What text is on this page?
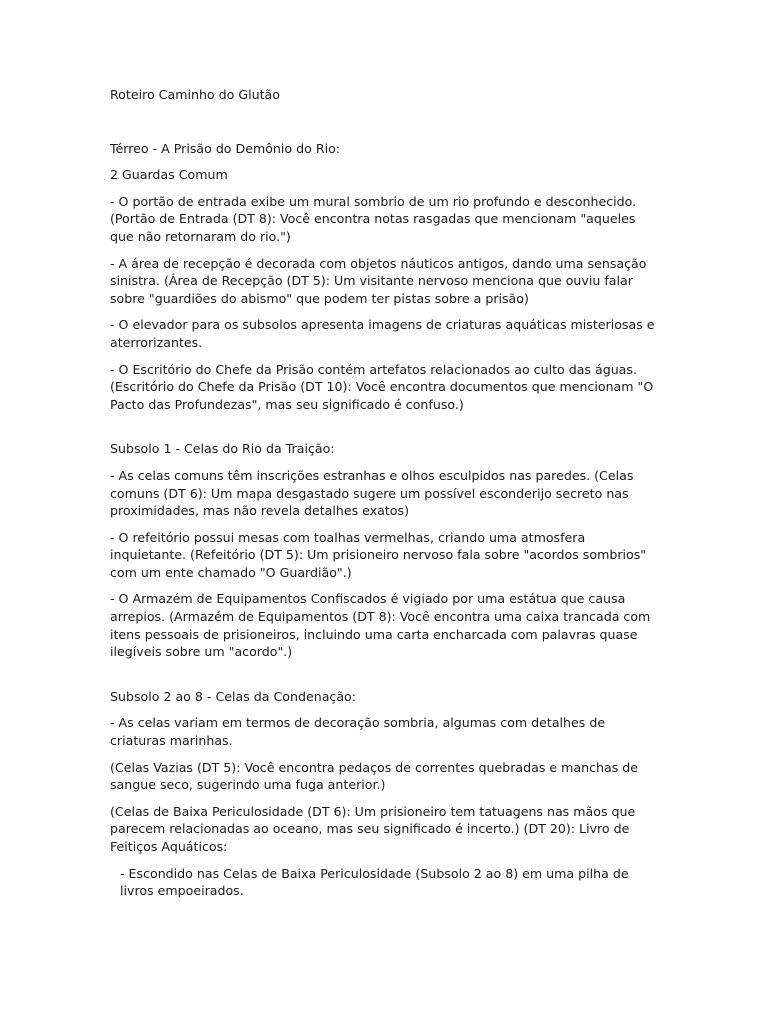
Roteiro Caminho do Glutão

Térreo - A Prisão do Demônio do Rio:

2 Guardas Comum

- O portão de entrada exibe um mural sombrio de um rio profundo e desconhecido. (Portão de Entrada (DT 8): Você encontra notas rasgadas que mencionam "aqueles que não retornaram do rio.")

- A área de recepção é decorada com objetos náuticos antigos, dando uma sensação sinistra. (Área de Recepção (DT 5): Um visitante nervoso menciona que ouviu falar sobre "guardiões do abismo" que podem ter pistas sobre a prisão)

- O elevador para os subsolos apresenta imagens de criaturas aquáticas misteriosas e aterrorizantes.

- O Escritório do Chefe da Prisão contém artefatos relacionados ao culto das águas. (Escritório do Chefe da Prisão (DT 10): Você encontra documentos que mencionam "O Pacto das Profundezas", mas seu significado é confuso.)

Subsolo 1 - Celas do Rio da Traição:

- As celas comuns têm inscrições estranhas e olhos esculpidos nas paredes. (Celas comuns (DT 6): Um mapa desgastado sugere um possível esconderijo secreto nas proximidades, mas não revela detalhes exatos)

- O refeitório possui mesas com toalhas vermelhas, criando uma atmosfera inquietante. (Refeitório (DT 5): Um prisioneiro nervoso fala sobre "acordos sombrios" com um ente chamado "O Guardião".)

- O Armazém de Equipamentos Confiscados é vigiado por uma estátua que causa arrepios. (Armazém de Equipamentos (DT 8): Você encontra uma caixa trancada com itens pessoais de prisioneiros, incluindo uma carta encharcada com palavras quase ilegíveis sobre um "acordo".)

Subsolo 2 ao 8 - Celas da Condenação:

- As celas variam em termos de decoração sombria, algumas com detalhes de criaturas marinhas.

(Celas Vazias (DT 5): Você encontra pedaços de correntes quebradas e manchas de sangue seco, sugerindo uma fuga anterior.)

(Celas de Baixa Periculosidade (DT 6): Um prisioneiro tem tatuagens nas mãos que parecem relacionadas ao oceano, mas seu significado é incerto.) (DT 20): Livro de Feitiços Aquáticos:

- Escondido nas Celas de Baixa Periculosidade (Subsolo 2 ao 8) em uma pilha de livros empoeirados.
